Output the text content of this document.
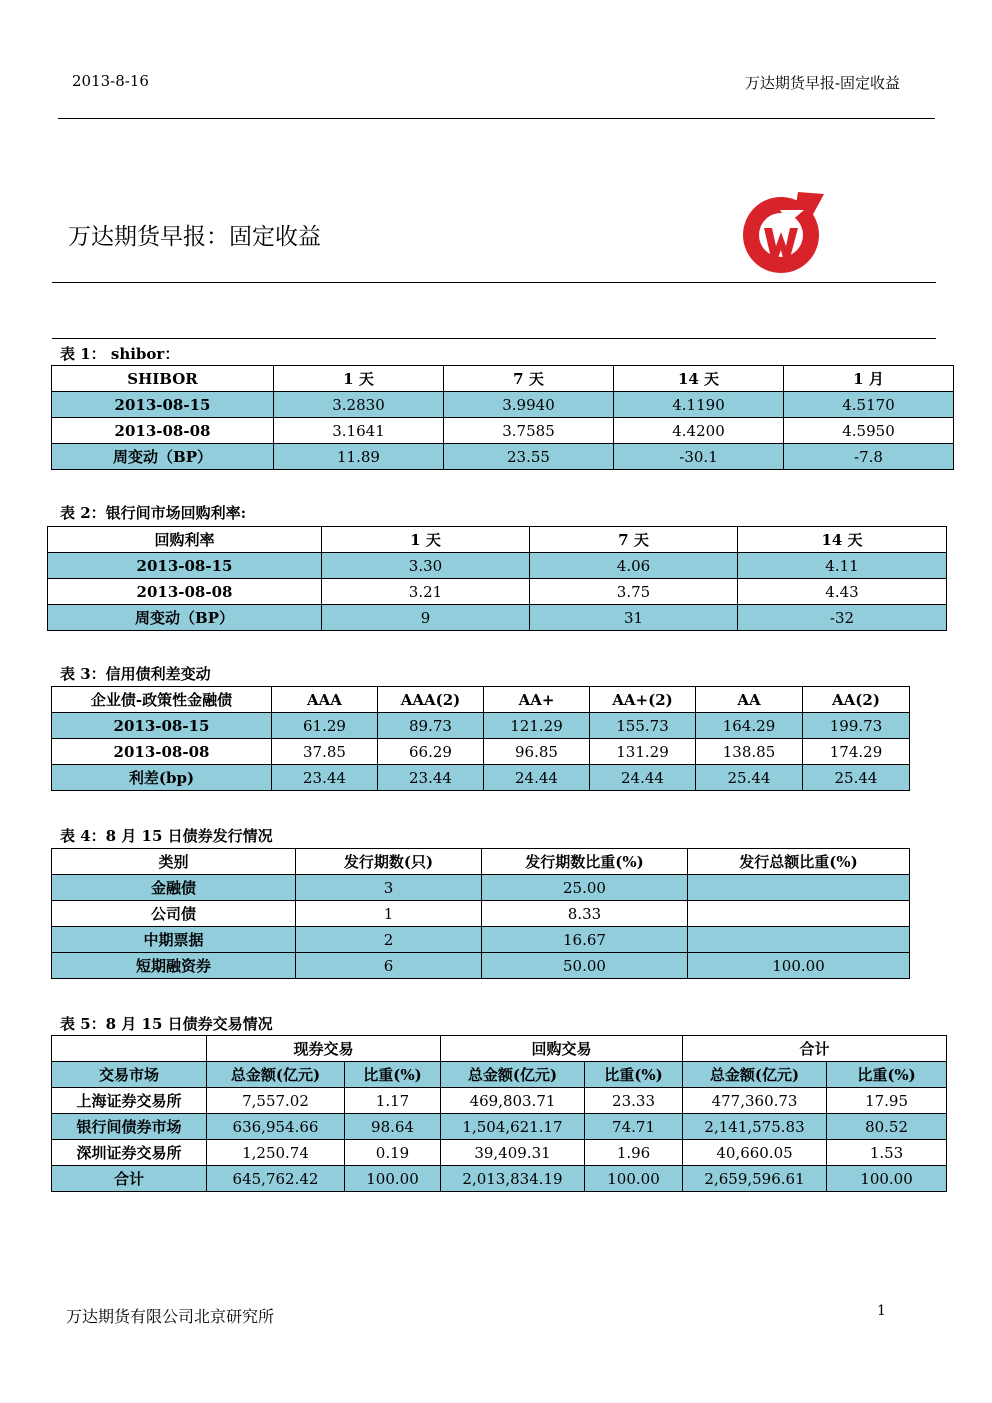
2013-8-16	万达期货早报-固定收益
万达期货早报：固定收益
表 1： shibor：
SHIBOR	1 天	7 天	14 天	1 月
2013-08-15	3.2830	3.9940	4.1190	4.5170
2013-08-08	3.1641	3.7585	4.4200	4.5950
周变动（BP）	11.89	23.55	-30.1	-7.8
表 2：银行间市场回购利率:
回购利率	1 天	7 天	14 天
2013-08-15	3.30	4.06	4.11
2013-08-08	3.21	3.75	4.43
周变动（BP）	9	31	-32
表 3：信用债利差变动
企业债-政策性金融债	AAA	AAA(2)	AA+	AA+(2)	AA	AA(2)
2013-08-15	61.29	89.73	121.29	155.73	164.29	199.73
2013-08-08	37.85	66.29	96.85	131.29	138.85	174.29
利差(bp)	23.44	23.44	24.44	24.44	25.44	25.44
表 4：8 月 15 日债券发行情况
类别	发行期数(只)	发行期数比重(%)	发行总额比重(%)
金融债	3	25.00	
公司债	1	8.33	
中期票据	2	16.67	
短期融资券	6	50.00	100.00
表 5：8 月 15 日债券交易情况
	现券交易		回购交易		合计	
交易市场	总金额(亿元)	比重(%)	总金额(亿元)	比重(%)	总金额(亿元)	比重(%)
上海证券交易所	7,557.02	1.17	469,803.71	23.33	477,360.73	17.95
银行间债券市场	636,954.66	98.64	1,504,621.17	74.71	2,141,575.83	80.52
深圳证券交易所	1,250.74	0.19	39,409.31	1.96	40,660.05	1.53
合计	645,762.42	100.00	2,013,834.19	100.00	2,659,596.61	100.00
万达期货有限公司北京研究所	1
